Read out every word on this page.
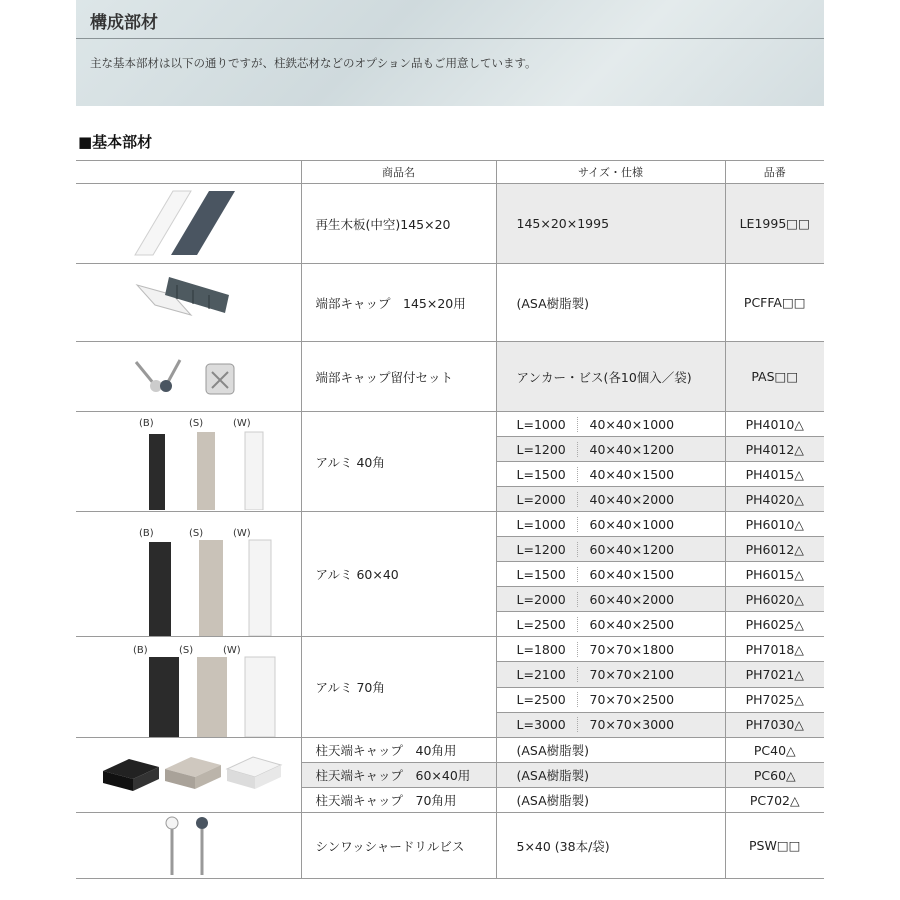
構成部材
主な基本部材は以下の通りですが、柱鉄芯材などのオプション品もご用意しています。
■基本部材
	商品名	サイズ・仕様	品番

	再生木板(中空)145×20	145×20×1995	LE1995□□

	端部キャップ　145×20用	(ASA樹脂製)	PCFFA□□

	端部キャップ留付セット	アンカー・ビス(各10個入／袋)	PAS□□

(B) (S) (W)	アルミ 40角	L=1000 40×40×1000	PH4010△
		L=1200 40×40×1200	PH4012△
		L=1500 40×40×1500	PH4015△
		L=2000 40×40×2000	PH4020△

(B) (S) (W)	アルミ 60×40	L=1000 60×40×1000	PH6010△
		L=1200 60×40×1200	PH6012△
		L=1500 60×40×1500	PH6015△
		L=2000 60×40×2000	PH6020△
		L=2500 60×40×2500	PH6025△

(B) (S) (W)	アルミ 70角	L=1800 70×70×1800	PH7018△
		L=2100 70×70×2100	PH7021△
		L=2500 70×70×2500	PH7025△
		L=3000 70×70×3000	PH7030△

	柱天端キャップ　40角用	(ASA樹脂製)	PC40△
	柱天端キャップ　60×40用	(ASA樹脂製)	PC60△
	柱天端キャップ　70角用	(ASA樹脂製)	PC702△

	シンワッシャードリルビス	5×40 (38本/袋)	PSW□□
